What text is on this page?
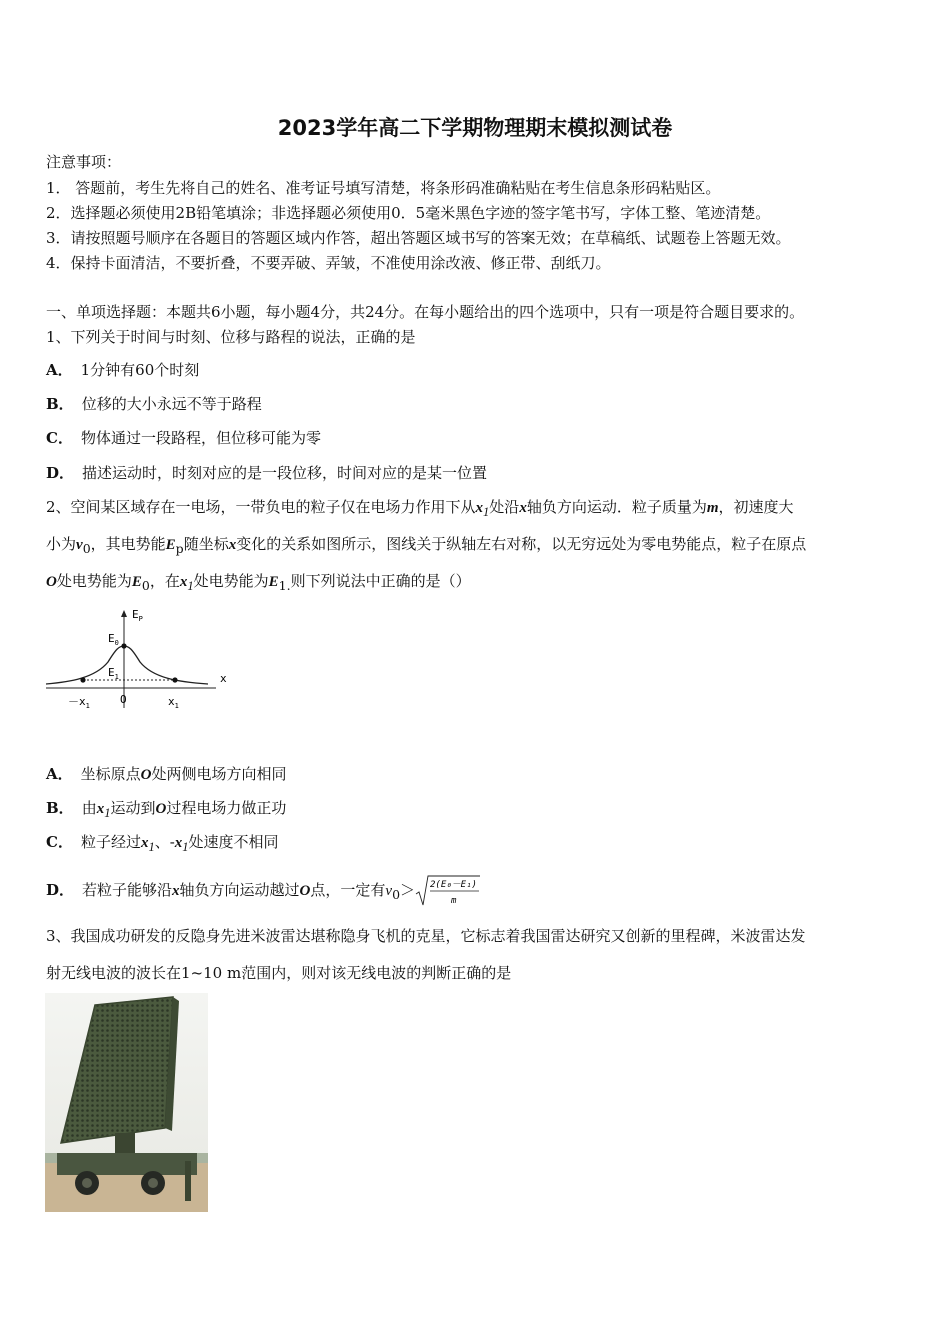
2023学年高二下学期物理期末模拟测试卷
注意事项：
1． 答题前，考生先将自己的姓名、准考证号填写清楚，将条形码准确粘贴在考生信息条形码粘贴区。
2．选择题必须使用2B铅笔填涂；非选择题必须使用0．5毫米黑色字迹的签字笔书写，字体工整、笔迹清楚。
3．请按照题号顺序在各题目的答题区域内作答，超出答题区域书写的答案无效；在草稿纸、试题卷上答题无效。
4．保持卡面清洁，不要折叠，不要弄破、弄皱，不准使用涂改液、修正带、刮纸刀。
一、单项选择题：本题共6小题，每小题4分，共24分。在每小题给出的四个选项中，只有一项是符合题目要求的。
1、下列关于时间与时刻、位移与路程的说法，正确的是
A． 1分钟有60个时刻
B． 位移的大小永远不等于路程
C． 物体通过一段路程，但位移可能为零
D． 描述运动时，时刻对应的是一段位移，时间对应的是某一位置
2、空间某区域存在一电场，一带负电的粒子仅在电场力作用下从$x_1$处沿x轴负方向运动．粒子质量为m，初速度大
小为$v_0$，其电势能$E_p$随坐标x变化的关系如图所示，图线关于纵轴左右对称，以无穷远处为零电势能点，粒子在原点
O处电势能为$E_0$，在$x_1$处电势能为$E_{1.}$则下列说法中正确的是（）
$E_P$
$E_0$
$E_1$	x
$-x_1$	O	$x_1$
A． 坐标原点O处两侧电场方向相同
B． 由$x_1$运动到O过程电场力做正功
C． 粒子经过$x_1$、$-x_1$处速度不相同
D． 若粒子能够沿x轴负方向运动越过O点，一定有$v_0> 2(E_0-E_1)$
m
3、我国成功研发的反隐身先进米波雷达堪称隐身飞机的克星，它标志着我国雷达研究又创新的里程碑，米波雷达发
射无线电波的波长在1~10 m范围内，则对该无线电波的判断正确的是
